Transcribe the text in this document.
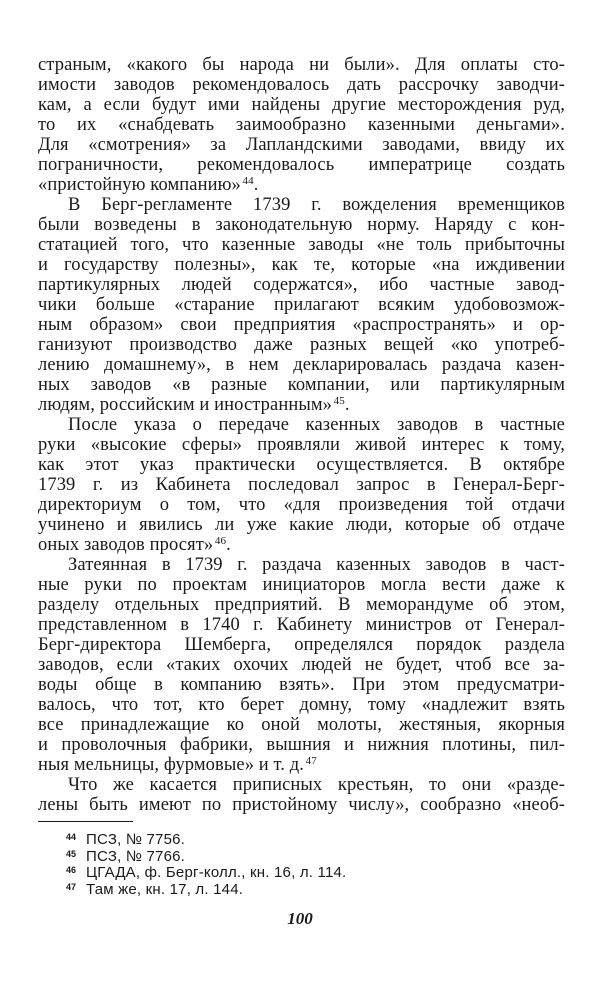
страным, «какого бы народа ни были». Для оплаты сто-
имости заводов рекомендовалось дать рассрочку заводчи-
кам, а если будут ими найдены другие месторождения руд,
то их «снабдевать заимообразно казенными деньгами».
Для «смотрения» за Лапландскими заводами, ввиду их
пограничности, рекомендовалось императрице создать
«пристойную компанию»  $^{44}$.
В Берг-регламенте 1739 г. вожделения временщиков
были возведены в законодательную норму. Наряду с кон-
статацией того, что казенные заводы «не толь прибыточны
и государству полезны», как те, которые «на иждивении
партикулярных людей содержатся», ибо частные завод-
чики больше «старание прилагают всяким удобовозмож-
ным образом» свои предприятия «распространять» и ор-
ганизуют производство даже разных вещей «ко употреб-
лению домашнему», в нем декларировалась раздача казен-
ных заводов «в разные компании, или партикулярным
людям, российским и иностранным»  $^{45}$.
После указа о передаче казенных заводов в частные
руки «высокие сферы» проявляли живой интерес к тому,
как этот указ практически осуществляется. В октябре
1739 г. из Кабинета последовал запрос в Генерал-Берг-
директориум о том, что «для произведения той отдачи
учинено и явились ли уже какие люди, которые об отдаче
оных заводов просят»  $^{46}$.
Затеянная в 1739 г. раздача казенных заводов в част-
ные руки по проектам инициаторов могла вести даже к
разделу отдельных предприятий. В меморандуме об этом,
представленном в 1740 г. Кабинету министров от Генерал-
Берг-директора Шемберга, определялся порядок раздела
заводов, если «таких охочих людей не будет, чтоб все за-
воды обще в компанию взять». При этом предусматри-
валось, что тот, кто берет домну, тому «надлежит взять
все принадлежащие ко оной молоты, жестяныя, якорныя
и проволочныя фабрики, вышния и нижния плотины, пил-
ныя мельницы, фурмовые» и т. д.  $^{47}$
Что же касается приписных крестьян, то они «разде-
лены быть имеют по пристойному числу», сообразно «необ-
44 ПСЗ, № 7756.
45 ПСЗ, № 7766.
46 ЦГАДА, ф. Берг-колл., кн. 16, л. 114.
47 Там же, кн. 17, л. 144.
100
